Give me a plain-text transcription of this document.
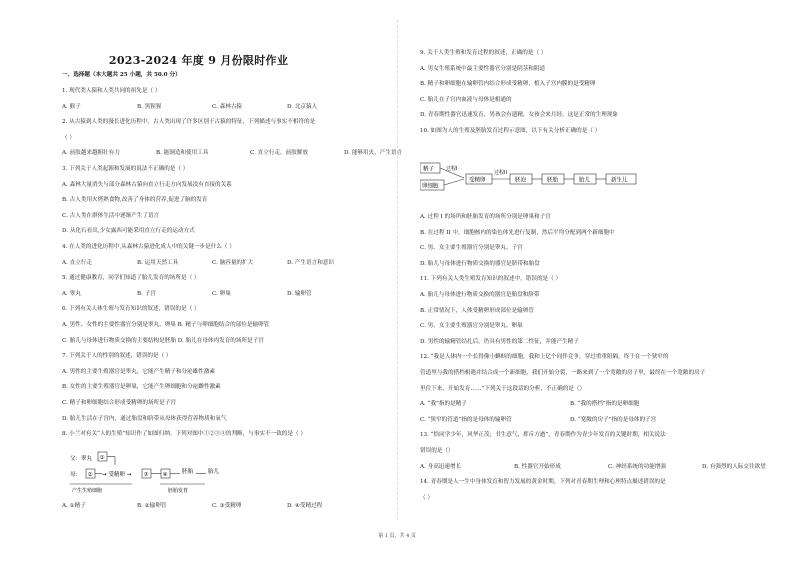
2023-2024 年度 9 月份限时作业
一、选择题（本大题共 25 小题，共 50.0 分）
1. 现代类人猿和人类共同的祖先是（ ）
A. 猴子	B. 黑猩猩	C. 森林古猿	D. 北京猿人
2. 从古猿到人类的漫长进化历程中，古人类出现了许多区别于古猿的特征，下列描述与事实不相符的是
（ ）
A. 前肢越来越粗壮有力	B. 能制造和使用工具	C. 直立行走，前肢解放	D. 能够用火，产生语言
3. 下列关于人类起源和发展的说法不正确的是（ ）
A. 森林大量消失与部分森林古猿向直立行走方向发展没有直接的关系
B. 古人类用火烤熟食物,改善了身体的营养,促进了脑的发育
C. 古人类在群体生活中逐渐产生了语言
D. 从化石看出,少女露西可能采用直立行走的运动方式
4. 在人类的进化历程中,从森林古猿进化成人中的关键一步是什么（ ）
A. 直立行走	B. 运用天然工具	C. 脑容量的扩大	D. 产生语言和意识
5. 通过健康教育，同学们知道了胎儿发育的场所是（ ）
A. 睾丸	B. 子宫	C. 卵巢	D. 输卵管
6. 下列有关人体生殖与发育知识的叙述，错误的是（ ）
A. 男性、女性的主要性器官分别是睾丸、卵巢 B. 精子与卵细胞结合的部位是输卵管
C. 胎儿与母体进行物质交换的主要结构是胚胎 D. 胎儿在母体内发育的场所是子宫
7. 下列关于人的性别的叙述，错误的是（ ）
A. 男性的主要生殖器官是睾丸，它能产生精子和分泌雄性激素
B. 女性的主要生殖器官是卵巢，它能产生卵细胞和分泌雌性激素
C. 精子和卵细胞结合形成受精卵的场所是子宫
D. 胎儿生活在子宫内，通过胎盘和脐带从母体获得营养物质和氧气
8. 小兰对有关“人的生殖”知识作了如图归纳。下列对图中①②③④的判断，与事实不一致的是（ ）
父：睾丸
母：
①
② → 受精卵 → ③	④	胚胎	胎儿
产生生殖细胞	胚胎发育
A. ①精子	B. ②输卵管	C. ③受精卵	D. ④受精过程
9. 关于人类生殖和发育过程的叙述，正确的是（ ）
A. 男女生殖系统中最主要性器官分别是阴茎和阴道
B. 精子和卵细胞在输卵管内结合形成受精卵，植入子宫内膜的是受精卵
C. 胎儿在子宫内血液与母体是相通的
D. 青春期性器官迅速发育，男孩会有遗精，女孩会来月经，这是正常的生理现象
10. 如图为人的生殖及胚胎发育过程示意图，以下有关分析正确的是（ ）
精子
卵细胞
过程I
受精卵
过程II
胚泡	胚胎	胎儿	新生儿
A. 过程 I 的场所和胚胎发育的场所分别是卵巢和子宫
B. 在过程 II 中，细胞核内的染色体先进行复制，然后平均分配到两个新细胞中
C. 男、女主要生殖器官分别是睾丸、子宫
D. 胎儿与母体进行物质交换的器官是脐带和胎盘
11. 下列有关人类生殖发育知识的叙述中，错误的是（ ）
A. 胎儿与母体进行物质交换的器官是胎盘和脐带
B. 正常情况下，人体受精卵形成部位是输卵管
C. 男、女主要生殖器官分别是睾丸、卵巢
D. 男性的输精管结扎后，仍具有男性的第二性征，并能产生精子
12. “我是人体内一个长得像小蝌蚪的细胞，我和上亿个同伴竞争，穿过重重阻隔，终于在一个狭窄的
管道里与我的搭档相遇并结合成一个新细胞，我们开始分裂，一路来到了一个宽敞的房子里，最终在一个宽敞的房子
里住下来，开始发育……”下列关于这段话的分析，不正确的是（）
A. “我”指的是精子	B. “我的搭档”指的是卵细胞
C. “狭窄的管道”指的是母体的输卵管	D. “宽敞的房子”指的是母体的子宫
13. “恰同学少年，风华正茂；书生意气，挥斥方遒”，青春期作为青少年发育的关键时期，相关说法
错误的是（）
A. 身高迅速增长	B. 性器官开始形成	C. 神经系统的功能增强	D. 有强烈的人际交往欲望
14. 青春期是人一生中身体发育和智力发展的黄金时期。下列对青春期生理和心理特点描述错误的是
（ ）
第 1 页，共 4 页
